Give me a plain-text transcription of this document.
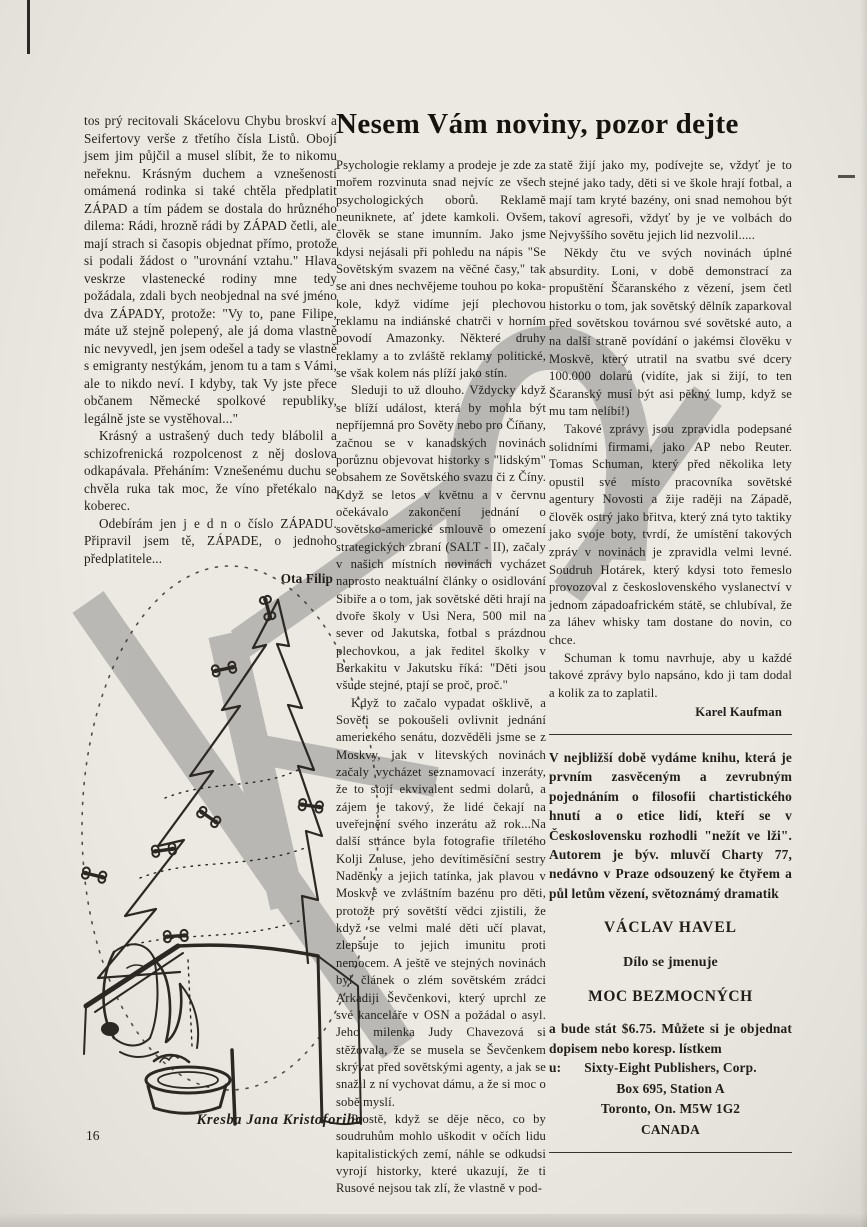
tos prý recitovali Skácelovu Chybu broskví a Seifertovy verše z třetího čísla Listů. Obojí jsem jim půjčil a musel slíbit, že to nikomu neřeknu. Krásným duchem a vznešeností omámená rodinka si také chtěla předplatit ZÁPAD a tím pádem se dostala do hrůzného dilema: Rádi, hrozně rádi by ZÁPAD četli, ale mají strach si časopis objednat přímo, protože si podali žádost o "urovnání vztahu." Hlava veskrze vlastenecké rodiny mne tedy požádala, zdali bych neobjednal na své jméno dva ZÁPADY, protože: "Vy to, pane Filipe, máte už stejně polepený, ale já doma vlastně nic nevyvedl, jen jsem odešel a tady se vlastně s emigranty nestýkám, jenom tu a tam s Vámi, ale to nikdo neví. I kdyby, tak Vy jste přece občanem Německé spolkové republiky, legálně jste se vystěhoval..."

Krásný a ustrašený duch tedy blábolil a schizofrenická rozpolcenost z něj doslova odkapávala. Přeháním: Vznešenému duchu se chvěla ruka tak moc, že víno přetékalo na koberec.

Odebírám jen j e d n o číslo ZÁPADU. Připravil jsem tě, ZÁPADE, o jednoho předplatitele...

Ota Filip

Nesem Vám noviny, pozor dejte

Psychologie reklamy a prodeje je zde za mořem rozvinuta snad nejvíc ze všech psychologických oborů. Reklamě neuniknete, ať jdete kamkoli. Ovšem, člověk se stane imunním. Jako jsme kdysi nejásali při pohledu na nápis "Se Sovětským svazem na věčné časy," tak se ani dnes nechvějeme touhou po koka-kole, když vidíme její plechovou reklamu na indiánské chatrči v horním povodí Amazonky. Některé druhy reklamy a to zvláště reklamy politické, se však kolem nás plíží jako stín.

Sleduji to už dlouho. Vždycky když se blíží událost, která by mohla být nepříjemná pro Sověty nebo pro Číňany, začnou se v kanadských novinách porůznu objevovat historky s "lidským" obsahem ze Sovětského svazu či z Číny. Když se letos v květnu a v červnu očekávalo zakončení jednání o sovětsko-americké smlouvě o omezení strategických zbraní (SALT - II), začaly v našich místních novinách vycházet naprosto neaktuální články o osidlování Sibiře a o tom, jak sovětské děti hrají na dvoře školy v Usi Nera, 500 mil na sever od Jakutska, fotbal s prázdnou plechovkou, a jak ředitel školky v Berkakitu v Jakutsku říká: "Děti jsou všude stejné, ptají se proč, proč."

Když to začalo vypadat ošklivě, a Sověti se pokoušeli ovlivnit jednání amerického senátu, dozvěděli jsme se z Moskvy, jak v litevských novinách začaly vycházet seznamovací inzeráty, že to stojí ekvivalent sedmi dolarů, a zájem je takový, že lidé čekají na uveřejnění svého inzerátu až rok...Na další stránce byla fotografie tříletého Kolji Zaluse, jeho devítiměsíční sestry Naděnky a jejich tatínka, jak plavou v Moskvě ve zvláštním bazénu pro děti, protože prý sovětští vědci zjistili, že když se velmi malé děti učí plavat, zlepšuje to jejich imunitu proti nemocem. A ještě ve stejných novinách byl článek o zlém sovětském zrádci Arkadiji Ševčenkovi, který uprchl ze své kanceláře v OSN a požádal o asyl. Jeho milenka Judy Chavezová si stěžovala, že se musela se Ševčenkem skrývat před sovětskými agenty, a jak se snažil z ní vychovat dámu, a že si moc o sobě myslí.

Prostě, když se děje něco, co by soudruhům mohlo uškodit v očích lidu kapitalistických zemí, náhle se odkudsi vyrojí historky, které ukazují, že ti Rusové nejsou tak zlí, že vlastně v pod-

statě žijí jako my, podívejte se, vždyť je to stejné jako tady, děti si ve škole hrají fotbal, a mají tam kryté bazény, oni snad nemohou být takoví agresoři, vždyť by je ve volbách do Nejvyššího sovětu jejich lid nezvolil.....

Někdy čtu ve svých novinách úplné absurdity. Loni, v době demonstrací za propuštění Ščaranského z vězení, jsem četl historku o tom, jak sovětský dělník zaparkoval před sovětskou továrnou své sovětské auto, a na další straně povídání o jakémsi člověku v Moskvě, který utratil na svatbu své dcery 100.000 dolarů (vidíte, jak si žijí, to ten Ščaranský musí být asi pěkný lump, když se mu tam nelíbí!)

Takové zprávy jsou zpravidla podepsané solidními firmami, jako AP nebo Reuter. Tomas Schuman, který před několika lety opustil své místo pracovníka sovětské agentury Novosti a žije raději na Západě, člověk ostrý jako břitva, který zná tyto taktiky jako svoje boty, tvrdí, že umístění takových zpráv v novinách je zpravidla velmi levné. Soudruh Hotárek, který kdysi toto řemeslo provozoval z československého vyslanectví v jednom západoafrickém státě, se chlubíval, že za láhev whisky tam dostane do novin, co chce.

Schuman k tomu navrhuje, aby u každé takové zprávy bylo napsáno, kdo ji tam dodal a kolik za to zaplatil.

Karel Kaufman

V nejbližší době vydáme knihu, která je prvním zasvěceným a zevrubným pojednáním o filosofii chartistického hnutí a o etice lidí, kteří se v Československu rozhodli "nežít ve lži". Autorem je býv. mluvčí Charty 77, nedávno v Praze odsouzený ke čtyřem a půl letům vězení, světoznámý dramatik

VÁCLAV HAVEL

Dílo se jmenuje

MOC BEZMOCNÝCH

a bude stát $6.75. Můžete si je objednat dopisem nebo koresp. lístkem

u:	Sixty-Eight Publishers, Corp.
Box 695, Station A
Toronto, On. M5W 1G2
CANADA
Kresba Jana Kristoforiho
16
